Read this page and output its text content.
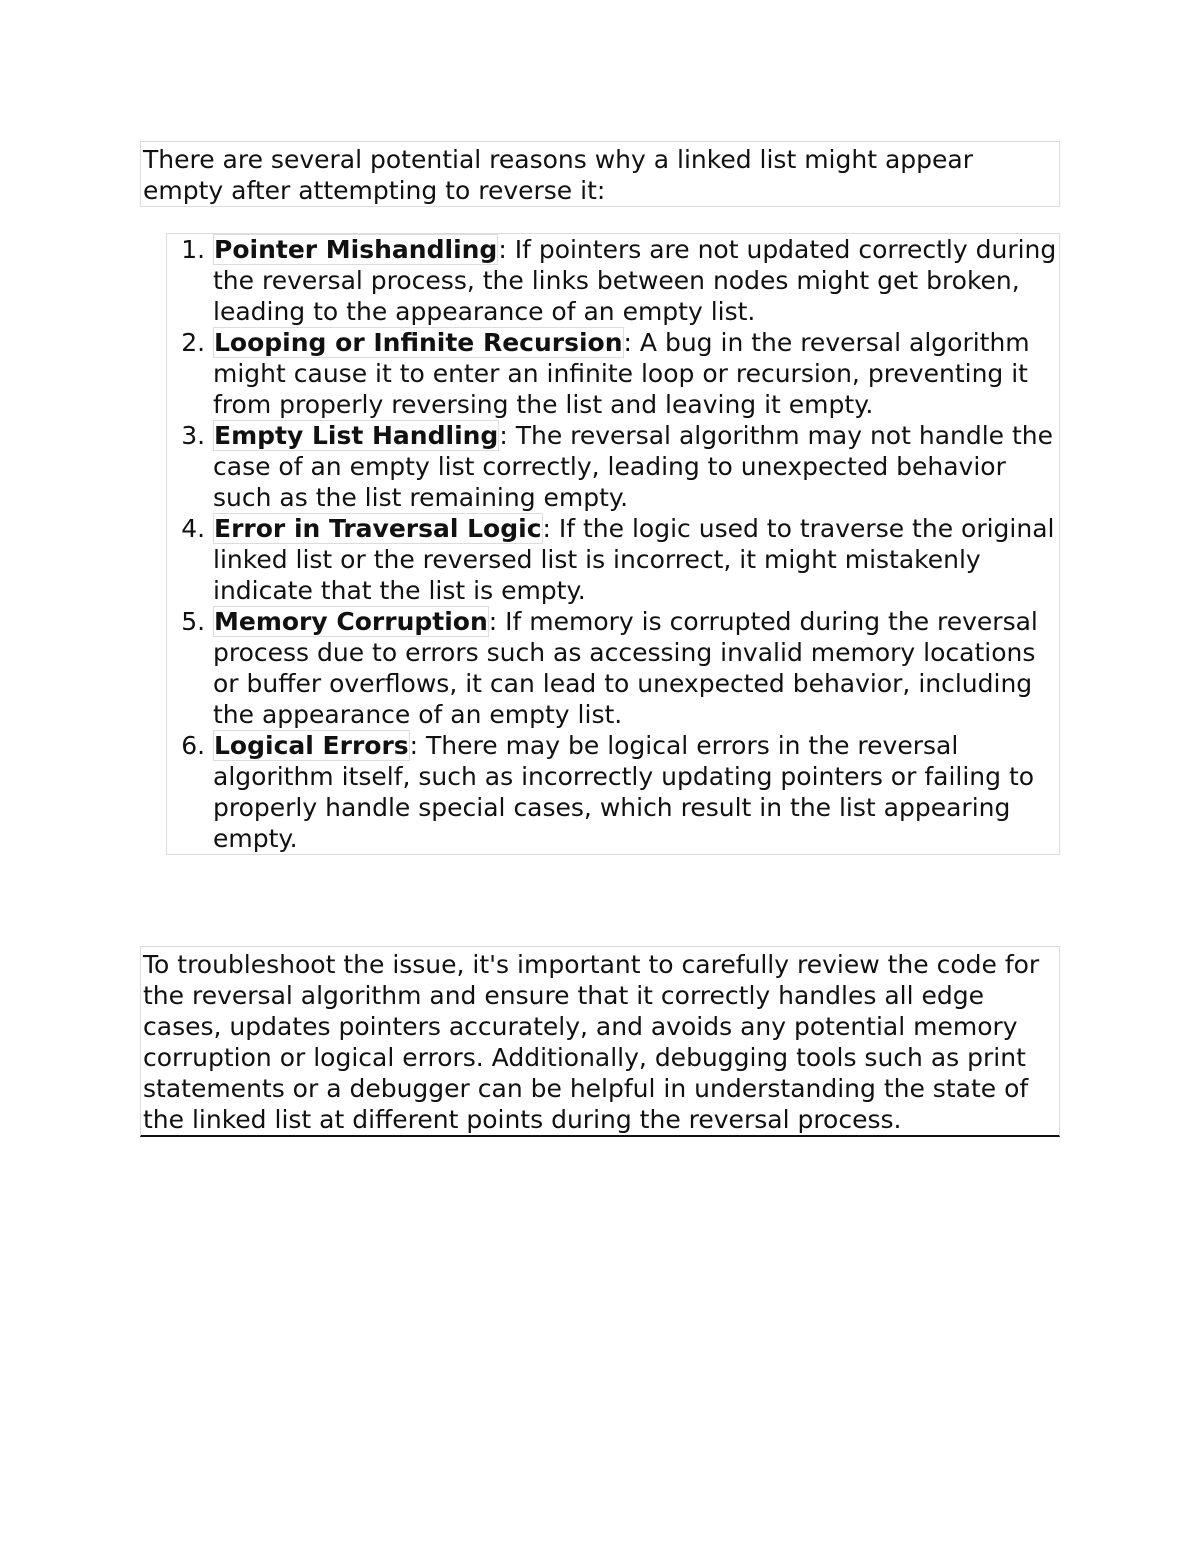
There are several potential reasons why a linked list might appear empty after attempting to reverse it:
1. Pointer Mishandling: If pointers are not updated correctly during the reversal process, the links between nodes might get broken, leading to the appearance of an empty list.
2. Looping or Infinite Recursion: A bug in the reversal algorithm might cause it to enter an infinite loop or recursion, preventing it from properly reversing the list and leaving it empty.
3. Empty List Handling: The reversal algorithm may not handle the case of an empty list correctly, leading to unexpected behavior such as the list remaining empty.
4. Error in Traversal Logic: If the logic used to traverse the original linked list or the reversed list is incorrect, it might mistakenly indicate that the list is empty.
5. Memory Corruption: If memory is corrupted during the reversal process due to errors such as accessing invalid memory locations or buffer overflows, it can lead to unexpected behavior, including the appearance of an empty list.
6. Logical Errors: There may be logical errors in the reversal algorithm itself, such as incorrectly updating pointers or failing to properly handle special cases, which result in the list appearing empty.
To troubleshoot the issue, it's important to carefully review the code for the reversal algorithm and ensure that it correctly handles all edge cases, updates pointers accurately, and avoids any potential memory corruption or logical errors. Additionally, debugging tools such as print statements or a debugger can be helpful in understanding the state of the linked list at different points during the reversal process.
